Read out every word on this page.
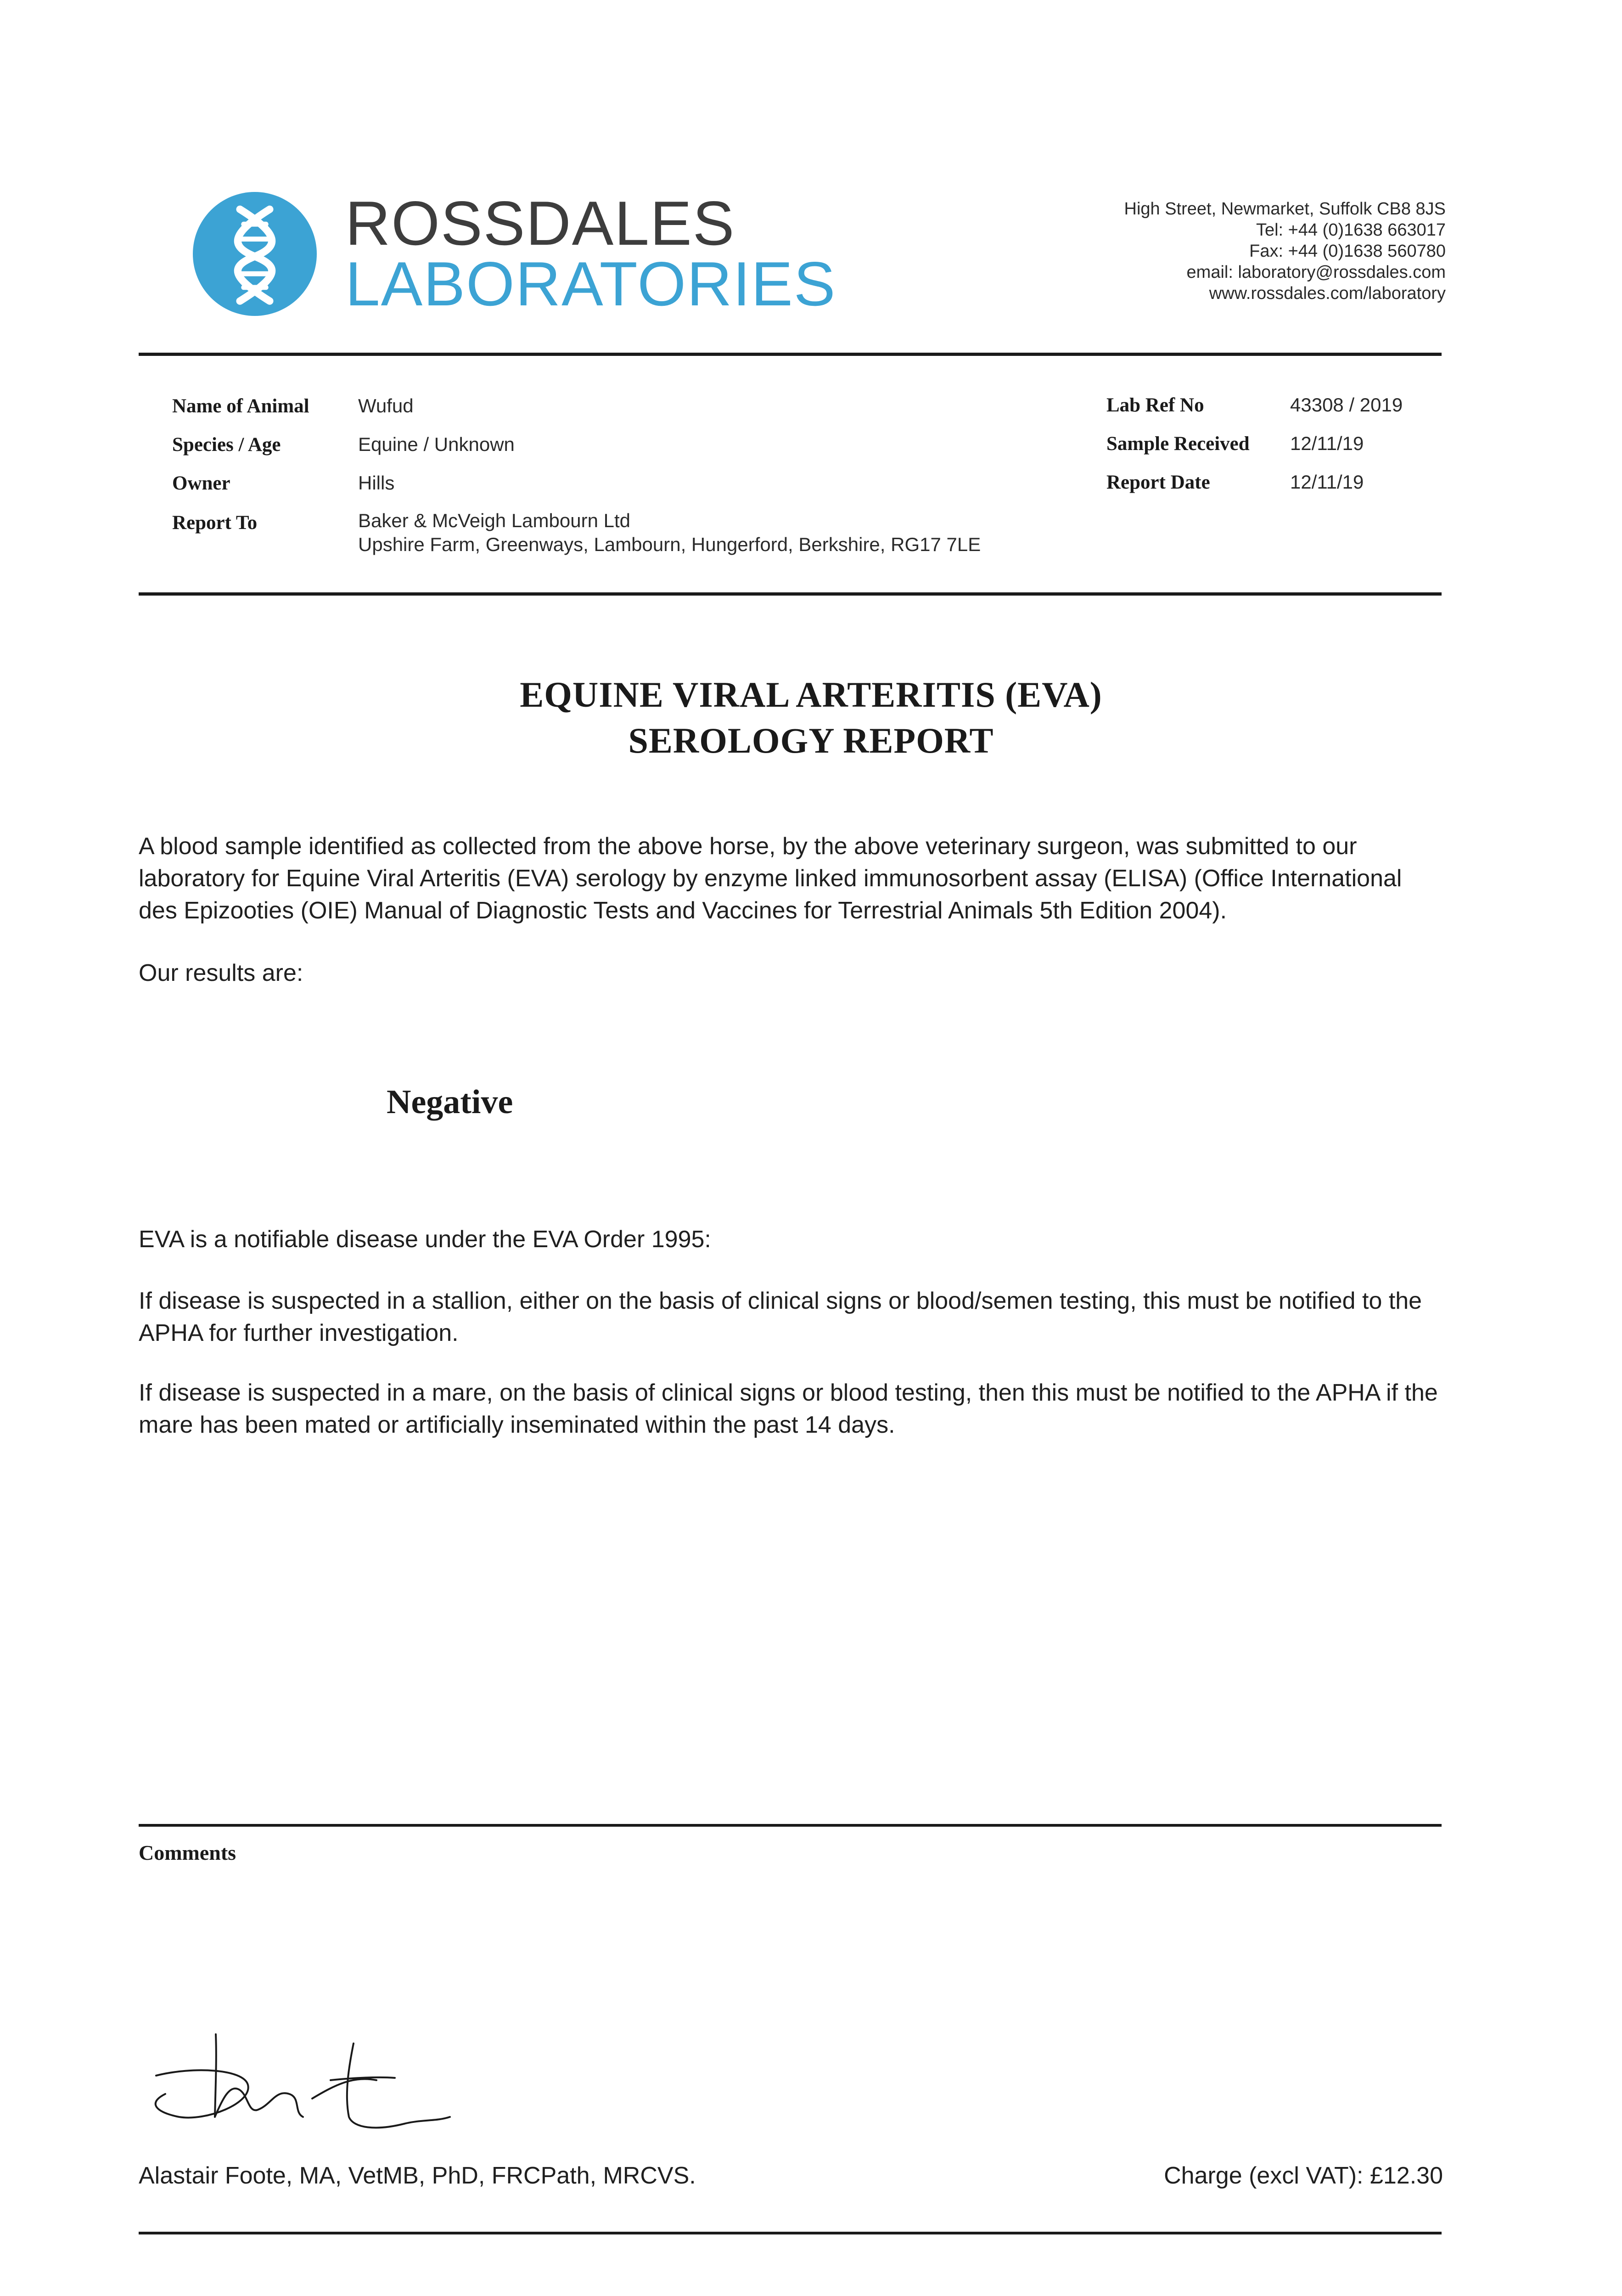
ROSSDALES
LABORATORIES
High Street, Newmarket, Suffolk CB8 8JS
Tel: +44 (0)1638 663017
Fax: +44 (0)1638 560780
email: laboratory@rossdales.com
www.rossdales.com/laboratory
Name of Animal	Wufud
Species / Age	Equine / Unknown
Owner	Hills
Report To	Baker & McVeigh Lambourn Ltd
Upshire Farm, Greenways, Lambourn, Hungerford, Berkshire, RG17 7LE
Lab Ref No	43308 / 2019
Sample Received 12/11/19
Report Date	12/11/19
EQUINE VIRAL ARTERITIS (EVA)
SEROLOGY REPORT
A blood sample identified as collected from the above horse, by the above veterinary surgeon, was submitted to our laboratory for Equine Viral Arteritis (EVA) serology by enzyme linked immunosorbent assay (ELISA) (Office International des Epizooties (OIE) Manual of Diagnostic Tests and Vaccines for Terrestrial Animals 5th Edition 2004).
Our results are:
Negative
EVA is a notifiable disease under the EVA Order 1995:
If disease is suspected in a stallion, either on the basis of clinical signs or blood/semen testing, this must be notified to the APHA for further investigation.
If disease is suspected in a mare, on the basis of clinical signs or blood testing, then this must be notified to the APHA if the mare has been mated or artificially inseminated within the past 14 days.
Comments
Alastair Foote, MA, VetMB, PhD, FRCPath, MRCVS.	Charge (excl VAT): £12.30
